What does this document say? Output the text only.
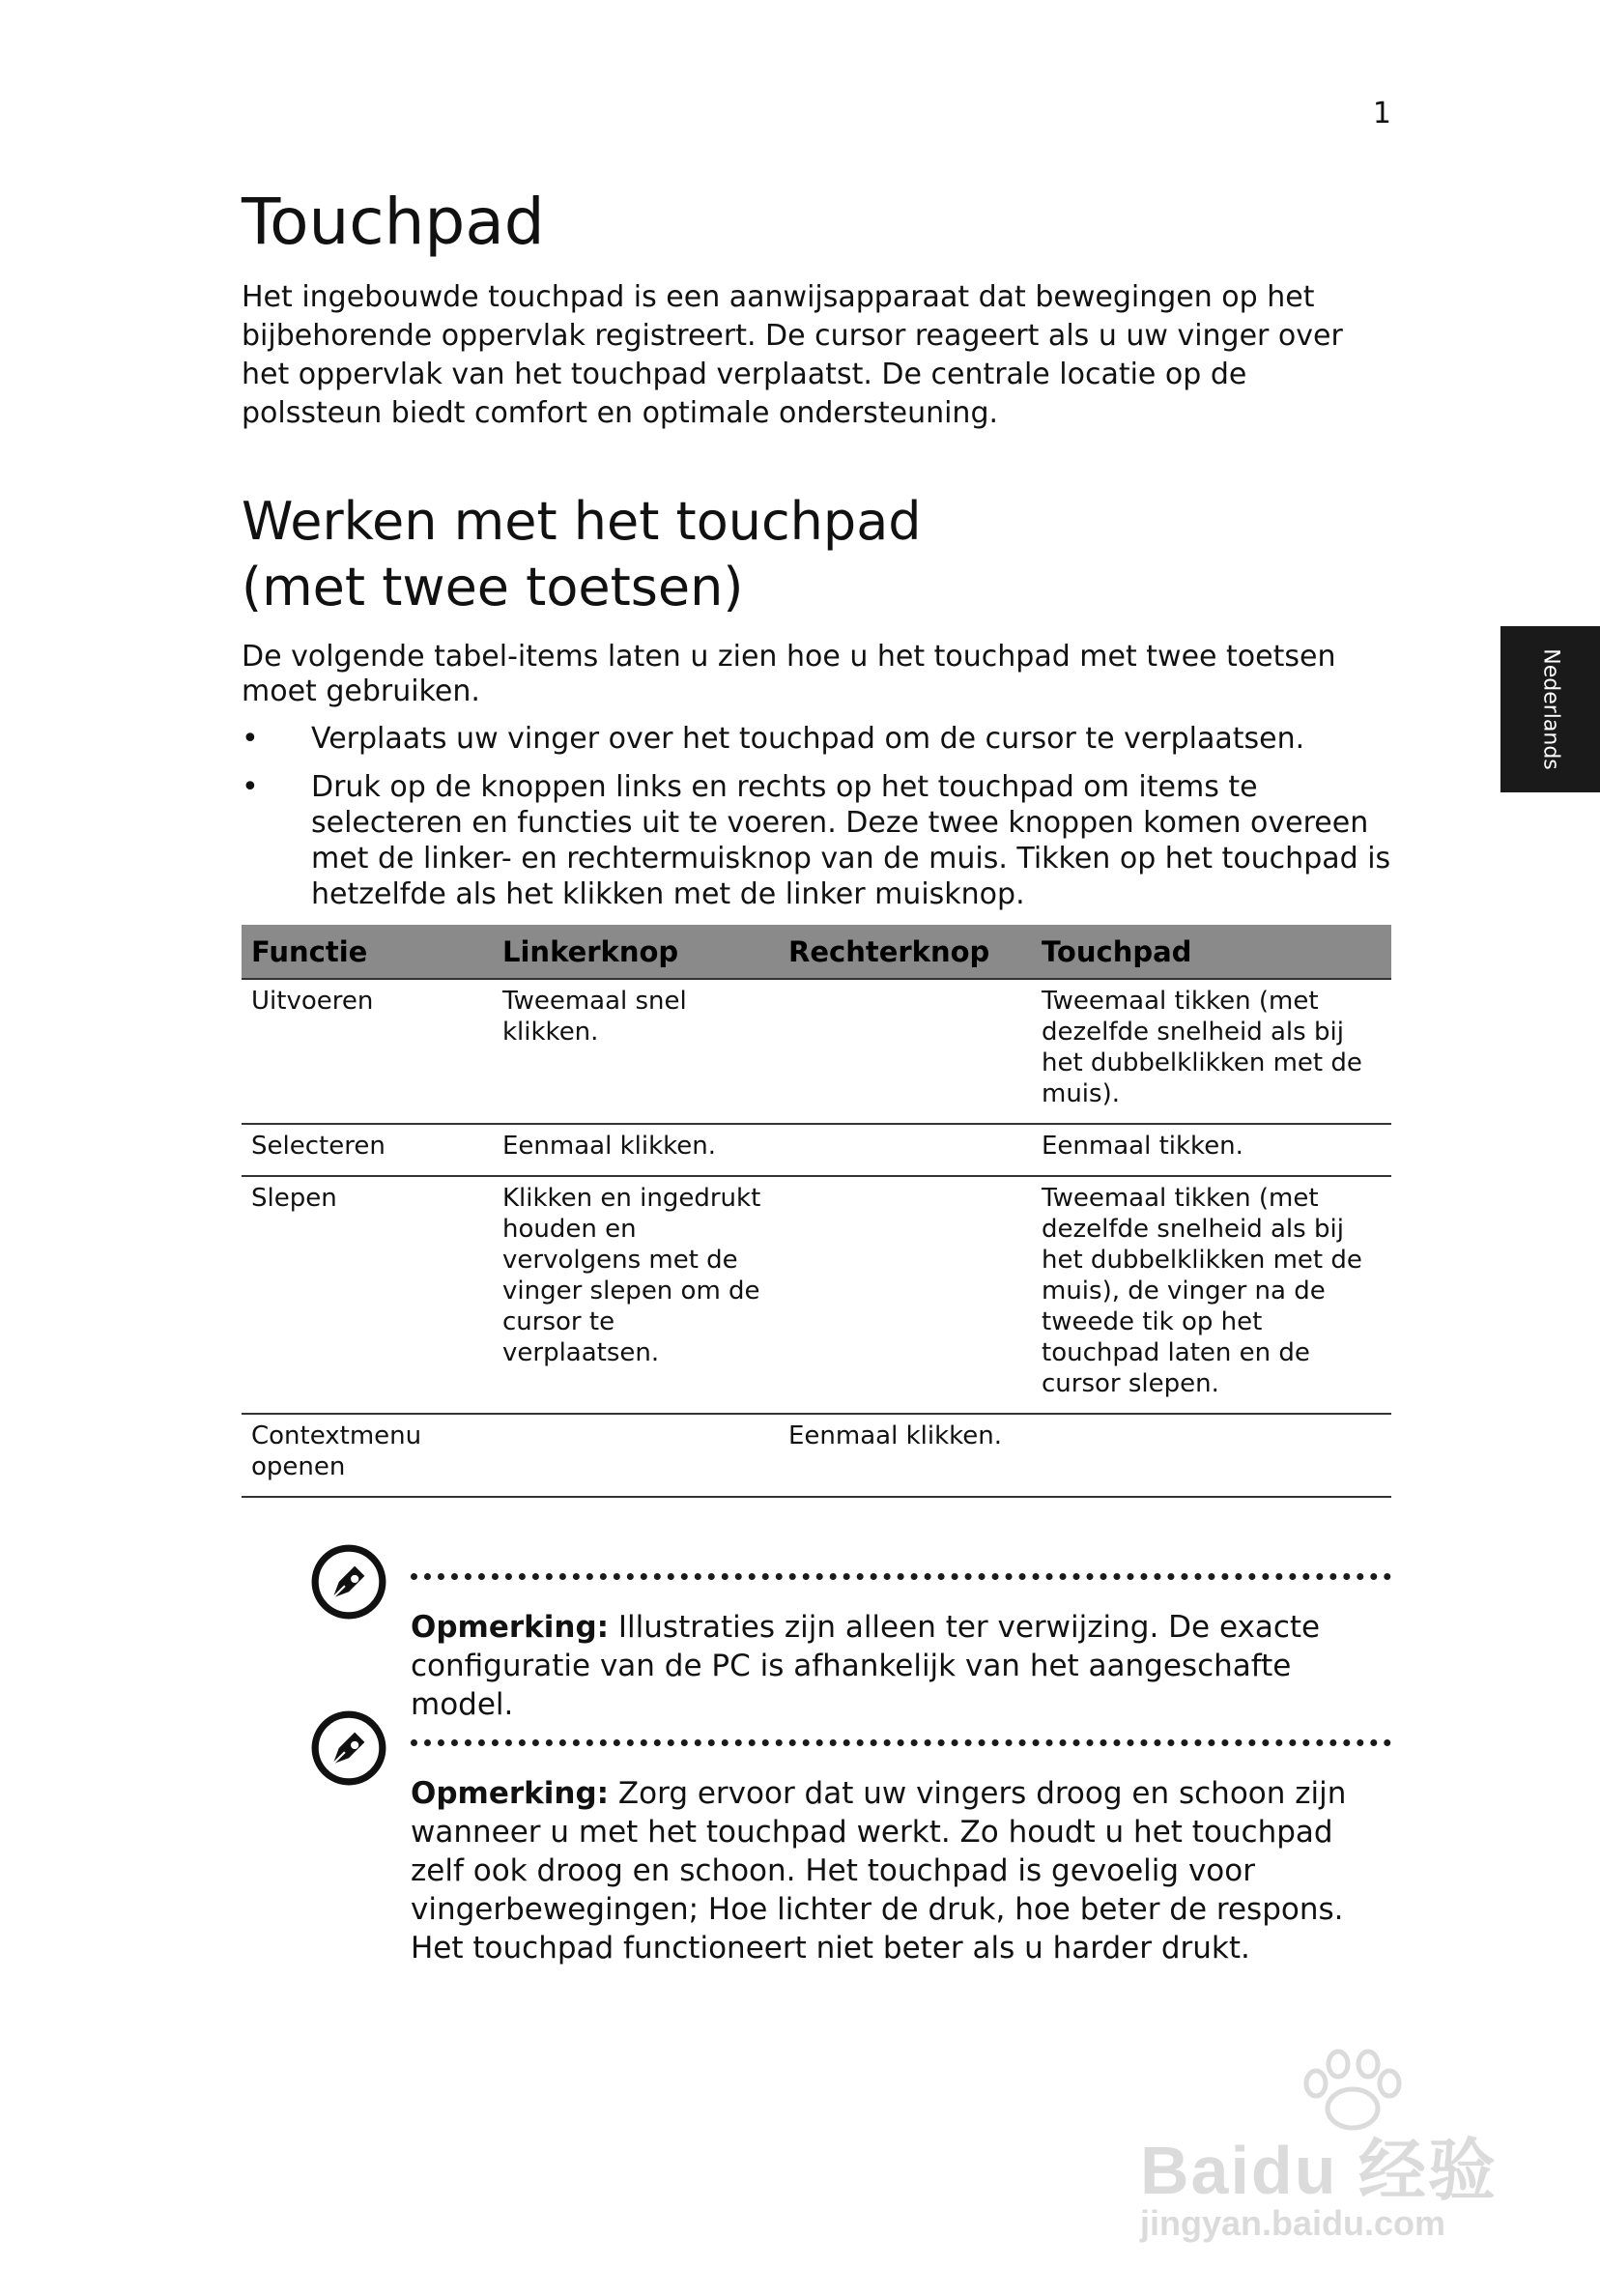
1
Nederlands
Touchpad

Het ingebouwde touchpad is een aanwijsapparaat dat bewegingen op het bijbehorende oppervlak registreert. De cursor reageert als u uw vinger over het oppervlak van het touchpad verplaatst. De centrale locatie op de polssteun biedt comfort en optimale ondersteuning.

Werken met het touchpad
(met twee toetsen)

De volgende tabel-items laten u zien hoe u het touchpad met twee toetsen moet gebruiken.

• Verplaats uw vinger over het touchpad om de cursor te verplaatsen.
• Druk op de knoppen links en rechts op het touchpad om items te selecteren en functies uit te voeren. Deze twee knoppen komen overeen met de linker- en rechtermuisknop van de muis. Tikken op het touchpad is hetzelfde als het klikken met de linker muisknop.
Functie	Linkerknop	Rechterknop	Touchpad
Uitvoeren	Tweemaal snel klikken.		Tweemaal tikken (met dezelfde snelheid als bij het dubbelklikken met de muis).
Selecteren	Eenmaal klikken.		Eenmaal tikken.
Slepen	Klikken en ingedrukt houden en vervolgens met de vinger slepen om de cursor te verplaatsen.		Tweemaal tikken (met dezelfde snelheid als bij het dubbelklikken met de muis), de vinger na de tweede tik op het touchpad laten en de cursor slepen.
Contextmenu openen		Eenmaal klikken.	
Opmerking: Illustraties zijn alleen ter verwijzing. De exacte configuratie van de PC is afhankelijk van het aangeschafte model.
Opmerking: Zorg ervoor dat uw vingers droog en schoon zijn wanneer u met het touchpad werkt. Zo houdt u het touchpad zelf ook droog en schoon. Het touchpad is gevoelig voor vingerbewegingen; Hoe lichter de druk, hoe beter de respons. Het touchpad functioneert niet beter als u harder drukt.
Baidu 经验
jingyan.baidu.com
